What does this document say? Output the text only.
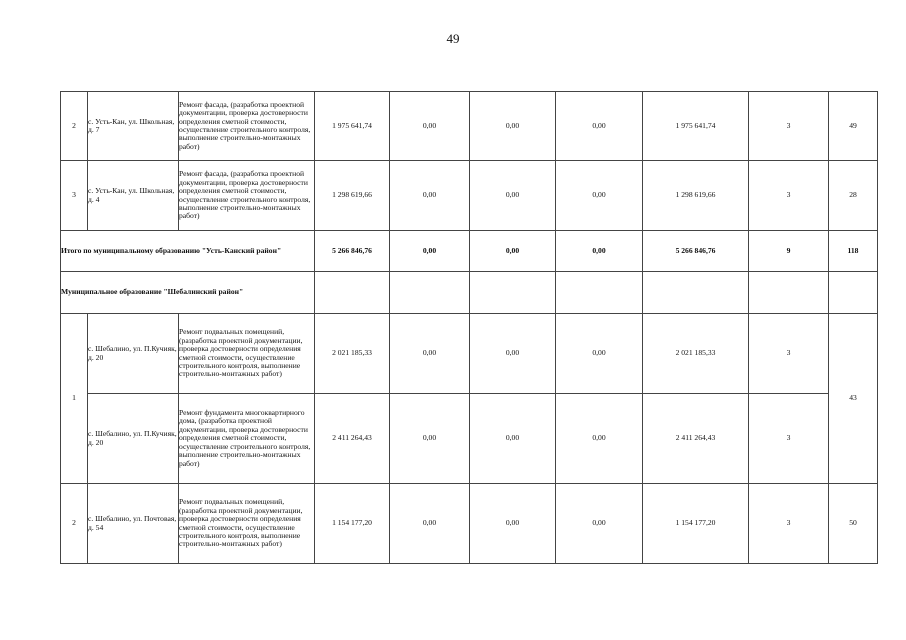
49
2	с. Усть-Кан, ул. Школьная, д. 7	Ремонт фасада, (разработка проектной документации, проверка достоверности определения сметной стоимости, осуществление строительного контроля, выполнение строительно-монтажных работ)	1 975 641,74	0,00	0,00	0,00	1 975 641,74	3	49
3	с. Усть-Кан, ул. Школьная, д. 4	Ремонт фасада, (разработка проектной документации, проверка достоверности определения сметной стоимости, осуществление строительного контроля, выполнение строительно-монтажных работ)	1 298 619,66	0,00	0,00	0,00	1 298 619,66	3	28
Итого по муниципальному образованию "Усть-Канский район"			5 266 846,76	0,00	0,00	0,00	5 266 846,76	9	118
Муниципальное образование "Шебалинский район"									
1	с. Шебалино, ул. П.Кучияк, д. 20	Ремонт подвальных помещений, (разработка проектной документации, проверка достоверности определения сметной стоимости, осуществление строительного контроля, выполнение строительно-монтажных работ)	2 021 185,33	0,00	0,00	0,00	2 021 185,33	3	43
	с. Шебалино, ул. П.Кучияк, д. 20	Ремонт фундамента многоквартирного дома, (разработка проектной документации, проверка достоверности определения сметной стоимости, осуществление строительного контроля, выполнение строительно-монтажных работ)	2 411 264,43	0,00	0,00	0,00	2 411 264,43	3	
2	с. Шебалино, ул. Почтовая, д. 54	Ремонт подвальных помещений, (разработка проектной документации, проверка достоверности определения сметной стоимости, осуществление строительного контроля, выполнение строительно-монтажных работ)	1 154 177,20	0,00	0,00	0,00	1 154 177,20	3	50
